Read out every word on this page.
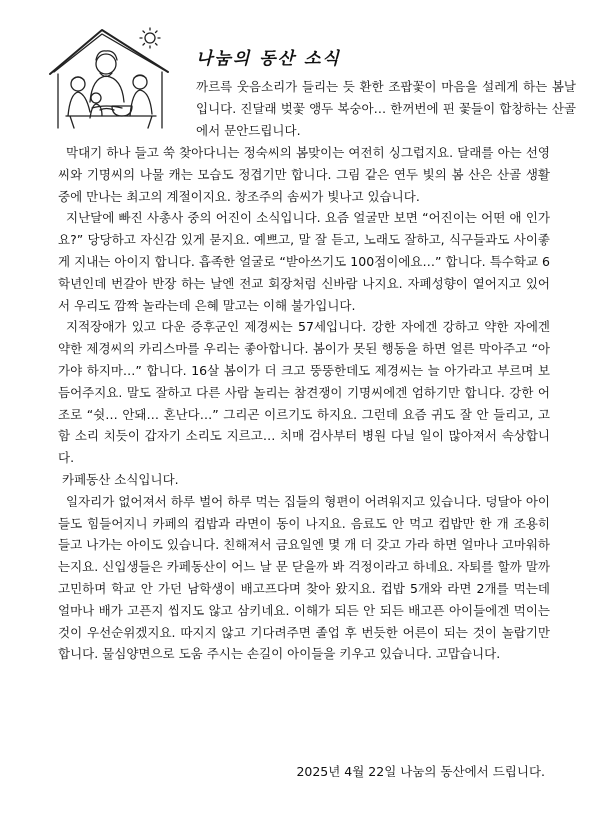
나눔의 동산 소식

까르륵 웃음소리가 들리는 듯 환한 조팝꽃이 마음을 설레게 하는 봄날입니다. 진달래 벚꽃 앵두 복숭아… 한꺼번에 핀 꽃들이 합창하는 산골에서 문안드립니다.

막대기 하나 들고 쑥 찾아다니는 정숙씨의 봄맞이는 여전히 싱그럽지요. 달래를 아는 선영씨와 기명씨의 나물 캐는 모습도 정겹기만 합니다. 그림 같은 연두 빛의 봄 산은 산골 생활 중에 만나는 최고의 계절이지요. 창조주의 솜씨가 빛나고 있습니다.

지난달에 빠진 사총사 중의 어진이 소식입니다. 요즘 얼굴만 보면 “어진이는 어떤 애 인가요?” 당당하고 자신감 있게 묻지요. 예쁘고, 말 잘 듣고, 노래도 잘하고, 식구들과도 사이좋게 지내는 아이지 합니다. 흡족한 얼굴로 “받아쓰기도 100점이에요…” 합니다. 특수학교 6학년인데 번갈아 반장 하는 날엔 전교 회장처럼 신바람 나지요. 자폐성향이 옅어지고 있어서 우리도 깜짝 놀라는데 은혜 말고는 이해 불가입니다.

지적장애가 있고 다운 증후군인 제경씨는 57세입니다. 강한 자에겐 강하고 약한 자에겐 약한 제경씨의 카리스마를 우리는 좋아합니다. 봄이가 못된 행동을 하면 얼른 막아주고 “아가야 하지마…” 합니다. 16살 봄이가 더 크고 뚱뚱한데도 제경씨는 늘 아가라고 부르며 보듬어주지요. 말도 잘하고 다른 사람 놀리는 참견쟁이 기명씨에겐 엄하기만 합니다. 강한 어조로 “쉿… 안돼… 혼난다…” 그리곤 이르기도 하지요. 그런데 요즘 귀도 잘 안 들리고, 고함 소리 치듯이 갑자기 소리도 지르고… 치매 검사부터 병원 다닐 일이 많아져서 속상합니다.

카페동산 소식입니다.

일자리가 없어져서 하루 벌어 하루 먹는 집들의 형편이 어려워지고 있습니다. 덩달아 아이들도 힘들어지니 카페의 컵밥과 라면이 동이 나지요. 음료도 안 먹고 컵밥만 한 개 조용히 들고 나가는 아이도 있습니다. 친해져서 금요일엔 몇 개 더 갖고 가라 하면 얼마나 고마워하는지요. 신입생들은 카페동산이 어느 날 문 닫을까 봐 걱정이라고 하네요. 자퇴를 할까 말까 고민하며 학교 안 가던 남학생이 배고프다며 찾아 왔지요. 컵밥 5개와 라면 2개를 먹는데 얼마나 배가 고픈지 씹지도 않고 삼키네요. 이해가 되든 안 되든 배고픈 아이들에겐 먹이는 것이 우선순위겠지요. 따지지 않고 기다려주면 졸업 후 번듯한 어른이 되는 것이 놀랍기만 합니다. 물심양면으로 도움 주시는 손길이 아이들을 키우고 있습니다. 고맙습니다.

2025년 4월 22일 나눔의 동산에서 드립니다.
